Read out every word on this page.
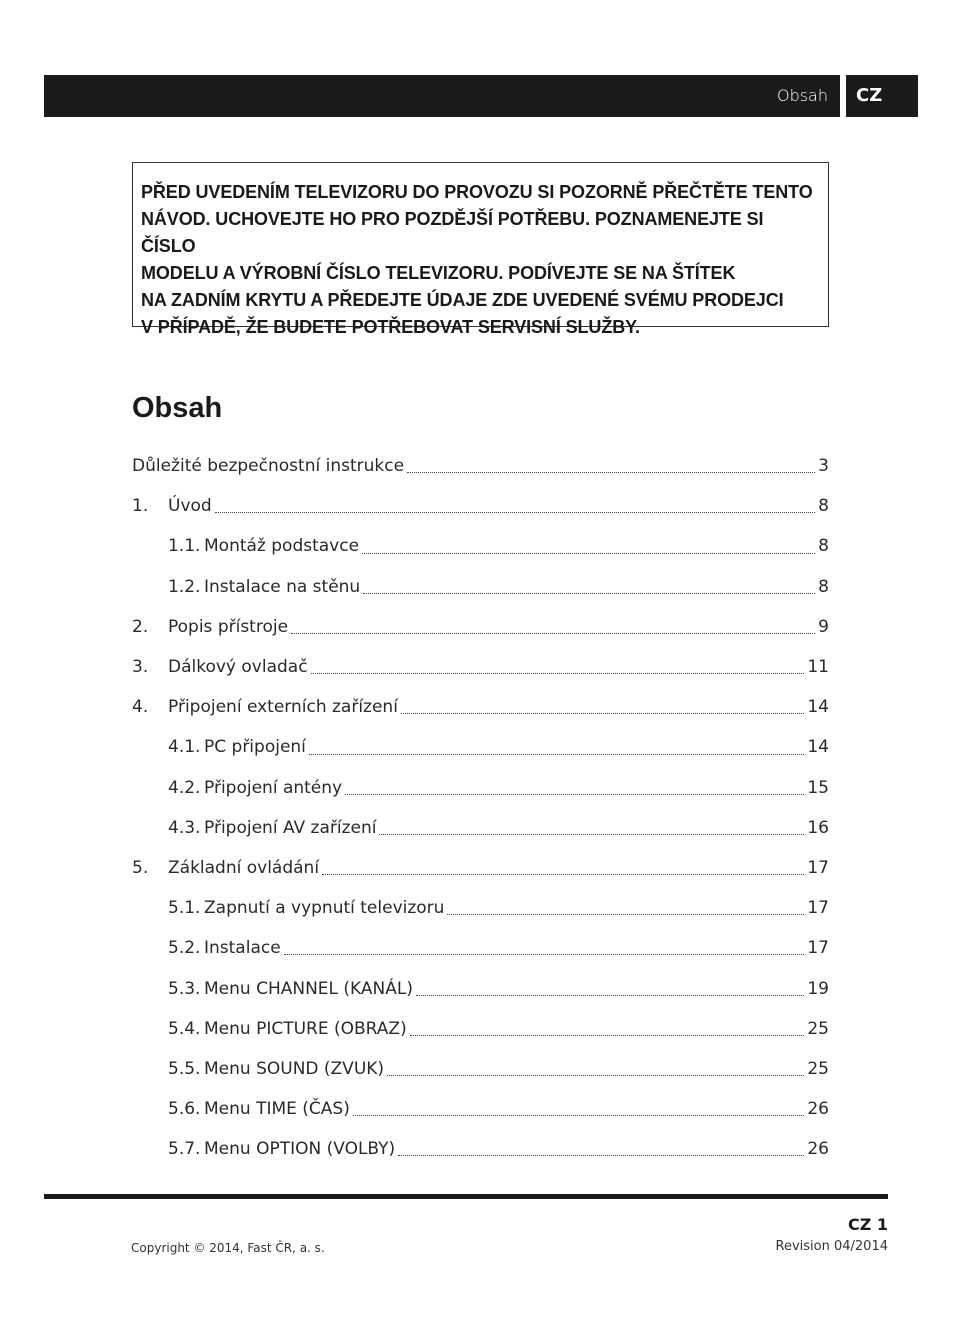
Obsah	CZ

PŘED UVEDENÍM TELEVIZORU DO PROVOZU SI POZORNĚ PŘEČTĚTE TENTO

NÁVOD. UCHOVEJTE HO PRO POZDĚJŠÍ POTŘEBU. POZNAMENEJTE SI ČÍSLO

MODELU A VÝROBNÍ ČÍSLO TELEVIZORU. PODÍVEJTE SE NA ŠTÍTEK

NA ZADNÍM KRYTU A PŘEDEJTE ÚDAJE ZDE UVEDENÉ SVÉMU PRODEJCI

V PŘÍPADĚ, ŽE BUDETE POTŘEBOVAT SERVISNÍ SLUŽBY.

Obsah
Důležité bezpečnostní instrukce	3
1.	Úvod	8
1.1. Montáž podstavce	8
1.2. Instalace na stěnu	8
2.	Popis přístroje	9
3.	Dálkový ovladač	11
4.	Připojení externích zařízení	14
4.1. PC připojení	14
4.2. Připojení antény	15
4.3. Připojení AV zařízení	16
5.	Základní ovládání	17
5.1. Zapnutí a vypnutí televizoru	17
5.2. Instalace	17
5.3. Menu CHANNEL (KANÁL)	19
5.4. Menu PICTURE (OBRAZ)	25
5.5. Menu SOUND (ZVUK)	25
5.6. Menu TIME (ČAS)	26
5.7. Menu OPTION (VOLBY)	26
Copyright © 2014, Fast ČR, a. s.
CZ 1
Revision 04/2014
